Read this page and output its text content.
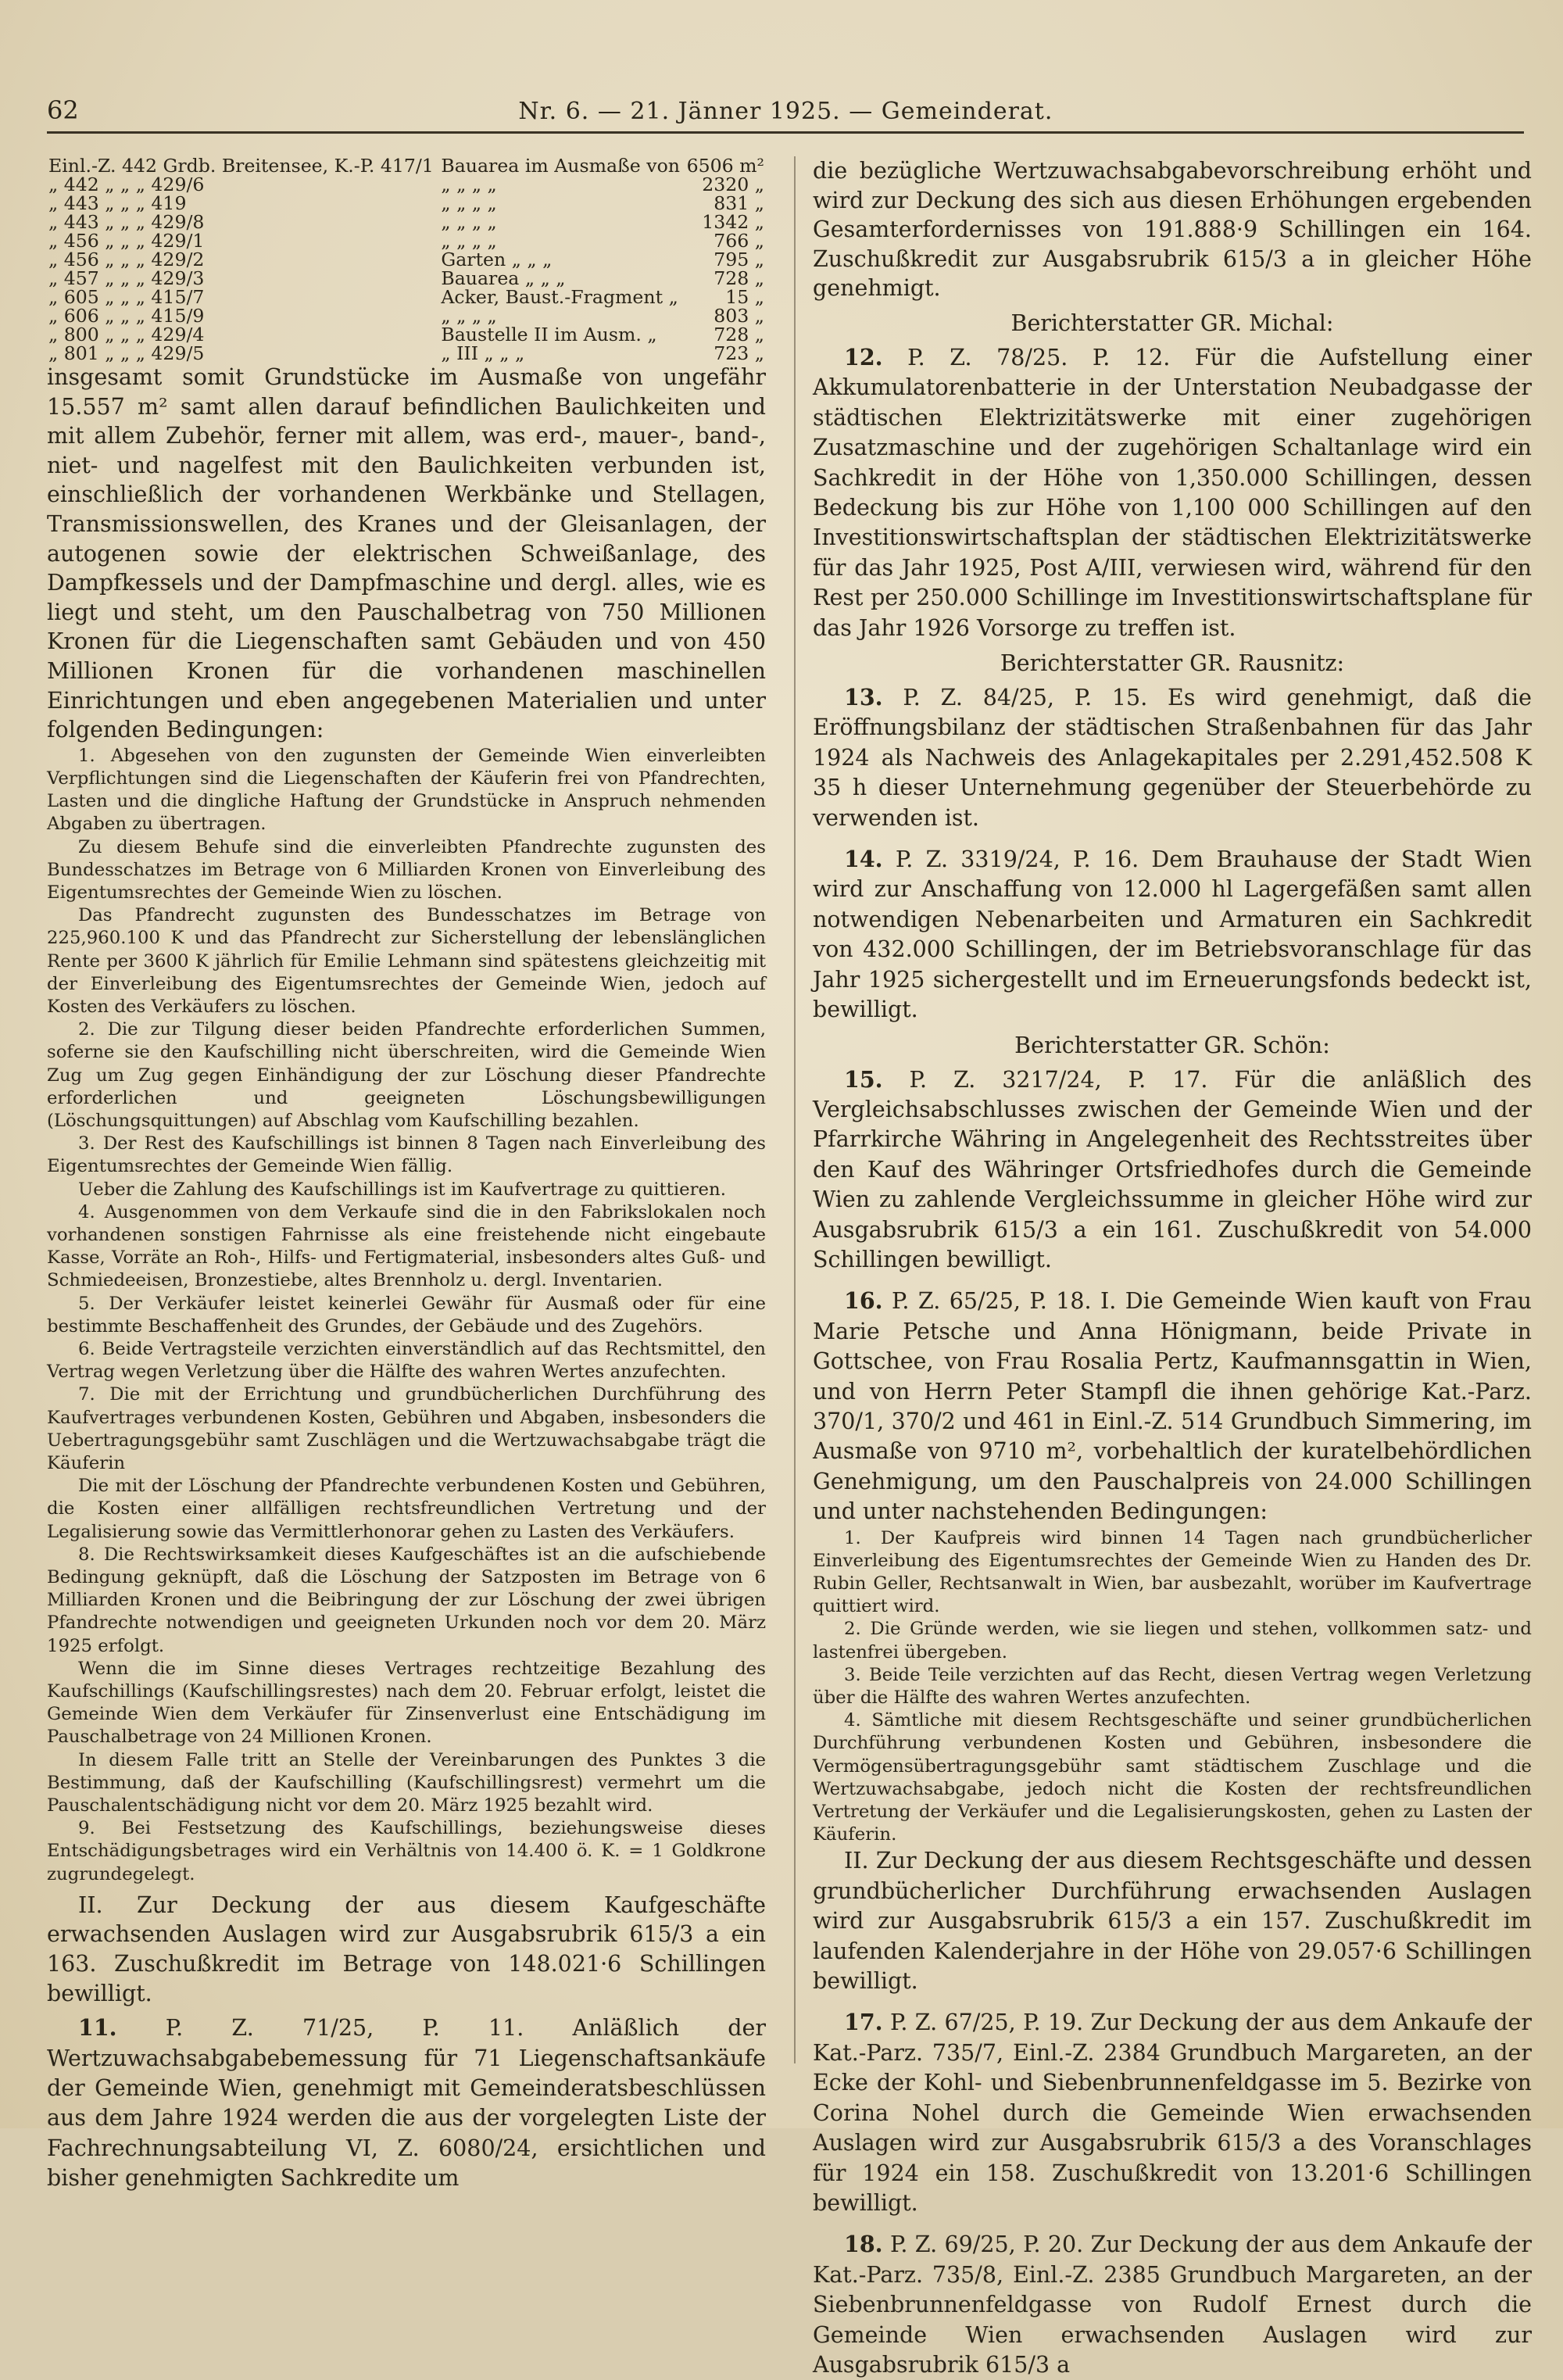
62	Nr. 6. — 21. Jänner 1925. — Gemeinderat.
Einl.-Z. 442 Grdb. Breitensee, K.-P. 417/1	Bauarea im Ausmaße von	6506 m²
„ 442 „ „ „ 429/6	„ „ „ „	2320 „
„ 443 „ „ „ 419	„ „ „ „	831 „
„ 443 „ „ „ 429/8	„ „ „ „	1342 „
„ 456 „ „ „ 429/1	„ „ „ „	766 „
„ 456 „ „ „ 429/2	Garten „ „ „	795 „
„ 457 „ „ „ 429/3	Bauarea „ „ „	728 „
„ 605 „ „ „ 415/7	Acker, Baust.-Fragment „	15 „
„ 606 „ „ „ 415/9	„ „ „ „	803 „
„ 800 „ „ „ 429/4	Baustelle II im Ausm. „	728 „
„ 801 „ „ „ 429/5	„ III „ „ „	723 „

insgesamt somit Grundstücke im Ausmaße von ungefähr 15.557 m² samt allen darauf befindlichen Baulichkeiten und mit allem Zubehör, ferner mit allem, was erd-, mauer-, band-, niet- und nagelfest mit den Baulichkeiten verbunden ist, einschließlich der vorhandenen Werkbänke und Stellagen, Transmissionswellen, des Kranes und der Gleisanlagen, der autogenen sowie der elektrischen Schweißanlage, des Dampfkessels und der Dampfmaschine und dergl. alles, wie es liegt und steht, um den Pauschalbetrag von 750 Millionen Kronen für die Liegenschaften samt Gebäuden und von 450 Millionen Kronen für die vorhandenen maschinellen Einrichtungen und eben angegebenen Materialien und unter folgenden Bedingungen:

1. Abgesehen von den zugunsten der Gemeinde Wien einverleibten Verpflichtungen sind die Liegenschaften der Käuferin frei von Pfandrechten, Lasten und die dingliche Haftung der Grundstücke in Anspruch nehmenden Abgaben zu übertragen.

Zu diesem Behufe sind die einverleibten Pfandrechte zugunsten des Bundesschatzes im Betrage von 6 Milliarden Kronen von Einverleibung des Eigentumsrechtes der Gemeinde Wien zu löschen.

Das Pfandrecht zugunsten des Bundesschatzes im Betrage von 225,960.100 K und das Pfandrecht zur Sicherstellung der lebenslänglichen Rente per 3600 K jährlich für Emilie Lehmann sind spätestens gleichzeitig mit der Einverleibung des Eigentumsrechtes der Gemeinde Wien, jedoch auf Kosten des Verkäufers zu löschen.

2. Die zur Tilgung dieser beiden Pfandrechte erforderlichen Summen, soferne sie den Kaufschilling nicht überschreiten, wird die Gemeinde Wien Zug um Zug gegen Einhändigung der zur Löschung dieser Pfandrechte erforderlichen und geeigneten Löschungsbewilligungen (Löschungsquittungen) auf Abschlag vom Kaufschilling bezahlen.

3. Der Rest des Kaufschillings ist binnen 8 Tagen nach Einverleibung des Eigentumsrechtes der Gemeinde Wien fällig.

Ueber die Zahlung des Kaufschillings ist im Kaufvertrage zu quittieren.

4. Ausgenommen von dem Verkaufe sind die in den Fabrikslokalen noch vorhandenen sonstigen Fahrnisse als eine freistehende nicht eingebaute Kasse, Vorräte an Roh-, Hilfs- und Fertigmaterial, insbesonders altes Guß- und Schmiedeeisen, Bronzestiebe, altes Brennholz u. dergl. Inventarien.

5. Der Verkäufer leistet keinerlei Gewähr für Ausmaß oder für eine bestimmte Beschaffenheit des Grundes, der Gebäude und des Zugehörs.

6. Beide Vertragsteile verzichten einverständlich auf das Rechtsmittel, den Vertrag wegen Verletzung über die Hälfte des wahren Wertes anzufechten.

7. Die mit der Errichtung und grundbücherlichen Durchführung des Kaufvertrages verbundenen Kosten, Gebühren und Abgaben, insbesonders die Uebertragungsgebühr samt Zuschlägen und die Wertzuwachsabgabe trägt die Käuferin

Die mit der Löschung der Pfandrechte verbundenen Kosten und Gebühren, die Kosten einer allfälligen rechtsfreundlichen Vertretung und der Legalisierung sowie das Vermittlerhonorar gehen zu Lasten des Verkäufers.

8. Die Rechtswirksamkeit dieses Kaufgeschäftes ist an die aufschiebende Bedingung geknüpft, daß die Löschung der Satzposten im Betrage von 6 Milliarden Kronen und die Beibringung der zur Löschung der zwei übrigen Pfandrechte notwendigen und geeigneten Urkunden noch vor dem 20. März 1925 erfolgt.

Wenn die im Sinne dieses Vertrages rechtzeitige Bezahlung des Kaufschillings (Kaufschillingsrestes) nach dem 20. Februar erfolgt, leistet die Gemeinde Wien dem Verkäufer für Zinsenverlust eine Entschädigung im Pauschalbetrage von 24 Millionen Kronen.

In diesem Falle tritt an Stelle der Vereinbarungen des Punktes 3 die Bestimmung, daß der Kaufschilling (Kaufschillingsrest) vermehrt um die Pauschalentschädigung nicht vor dem 20. März 1925 bezahlt wird.

9. Bei Festsetzung des Kaufschillings, beziehungsweise dieses Entschädigungsbetrages wird ein Verhältnis von 14.400 ö. K. = 1 Goldkrone zugrundegelegt.

II. Zur Deckung der aus diesem Kaufgeschäfte erwachsenden Auslagen wird zur Ausgabsrubrik 615/3 a ein 163. Zuschußkredit im Betrage von 148.021·6 Schillingen bewilligt.

11. P. Z. 71/25, P. 11. Anläßlich der Wertzuwachsabgabebemessung für 71 Liegenschaftsankäufe der Gemeinde Wien, genehmigt mit Gemeinderatsbeschlüssen aus dem Jahre 1924 werden die aus der vorgelegten Liste der Fachrechnungsabteilung VI, Z. 6080/24, ersichtlichen und bisher genehmigten Sachkredite um

die bezügliche Wertzuwachsabgabevorschreibung erhöht und wird zur Deckung des sich aus diesen Erhöhungen ergebenden Gesamterfordernisses von 191.888·9 Schillingen ein 164. Zuschußkredit zur Ausgabsrubrik 615/3 a in gleicher Höhe genehmigt.

Berichterstatter GR. Michal:

12. P. Z. 78/25. P. 12. Für die Aufstellung einer Akkumulatorenbatterie in der Unterstation Neubadgasse der städtischen Elektrizitätswerke mit einer zugehörigen Zusatzmaschine und der zugehörigen Schaltanlage wird ein Sachkredit in der Höhe von 1,350.000 Schillingen, dessen Bedeckung bis zur Höhe von 1,100 000 Schillingen auf den Investitionswirtschaftsplan der städtischen Elektrizitätswerke für das Jahr 1925, Post A/III, verwiesen wird, während für den Rest per 250.000 Schillinge im Investitionswirtschaftsplane für das Jahr 1926 Vorsorge zu treffen ist.

Berichterstatter GR. Rausnitz:

13. P. Z. 84/25, P. 15. Es wird genehmigt, daß die Eröffnungsbilanz der städtischen Straßenbahnen für das Jahr 1924 als Nachweis des Anlagekapitales per 2.291,452.508 K 35 h dieser Unternehmung gegenüber der Steuerbehörde zu verwenden ist.

14. P. Z. 3319/24, P. 16. Dem Brauhause der Stadt Wien wird zur Anschaffung von 12.000 hl Lagergefäßen samt allen notwendigen Nebenarbeiten und Armaturen ein Sachkredit von 432.000 Schillingen, der im Betriebsvoranschlage für das Jahr 1925 sichergestellt und im Erneuerungsfonds bedeckt ist, bewilligt.

Berichterstatter GR. Schön:

15. P. Z. 3217/24, P. 17. Für die anläßlich des Vergleichsabschlusses zwischen der Gemeinde Wien und der Pfarrkirche Währing in Angelegenheit des Rechtsstreites über den Kauf des Währinger Ortsfriedhofes durch die Gemeinde Wien zu zahlende Vergleichssumme in gleicher Höhe wird zur Ausgabsrubrik 615/3 a ein 161. Zuschußkredit von 54.000 Schillingen bewilligt.

16. P. Z. 65/25, P. 18. I. Die Gemeinde Wien kauft von Frau Marie Petsche und Anna Hönigmann, beide Private in Gottschee, von Frau Rosalia Pertz, Kaufmannsgattin in Wien, und von Herrn Peter Stampfl die ihnen gehörige Kat.-Parz. 370/1, 370/2 und 461 in Einl.-Z. 514 Grundbuch Simmering, im Ausmaße von 9710 m², vorbehaltlich der kuratelbehördlichen Genehmigung, um den Pauschalpreis von 24.000 Schillingen und unter nachstehenden Bedingungen:

1. Der Kaufpreis wird binnen 14 Tagen nach grundbücherlicher Einverleibung des Eigentumsrechtes der Gemeinde Wien zu Handen des Dr. Rubin Geller, Rechtsanwalt in Wien, bar ausbezahlt, worüber im Kaufvertrage quittiert wird.

2. Die Gründe werden, wie sie liegen und stehen, vollkommen satz- und lastenfrei übergeben.

3. Beide Teile verzichten auf das Recht, diesen Vertrag wegen Verletzung über die Hälfte des wahren Wertes anzufechten.

4. Sämtliche mit diesem Rechtsgeschäfte und seiner grundbücherlichen Durchführung verbundenen Kosten und Gebühren, insbesondere die Vermögensübertragungsgebühr samt städtischem Zuschlage und die Wertzuwachsabgabe, jedoch nicht die Kosten der rechtsfreundlichen Vertretung der Verkäufer und die Legalisierungskosten, gehen zu Lasten der Käuferin.

II. Zur Deckung der aus diesem Rechtsgeschäfte und dessen grundbücherlicher Durchführung erwachsenden Auslagen wird zur Ausgabsrubrik 615/3 a ein 157. Zuschußkredit im laufenden Kalenderjahre in der Höhe von 29.057·6 Schillingen bewilligt.

17. P. Z. 67/25, P. 19. Zur Deckung der aus dem Ankaufe der Kat.-Parz. 735/7, Einl.-Z. 2384 Grundbuch Margareten, an der Ecke der Kohl- und Siebenbrunnenfeldgasse im 5. Bezirke von Corina Nohel durch die Gemeinde Wien erwachsenden Auslagen wird zur Ausgabsrubrik 615/3 a des Voranschlages für 1924 ein 158. Zuschußkredit von 13.201·6 Schillingen bewilligt.

18. P. Z. 69/25, P. 20. Zur Deckung der aus dem Ankaufe der Kat.-Parz. 735/8, Einl.-Z. 2385 Grundbuch Margareten, an der Siebenbrunnenfeldgasse von Rudolf Ernest durch die Gemeinde Wien erwachsenden Auslagen wird zur Ausgabsrubrik 615/3 a
